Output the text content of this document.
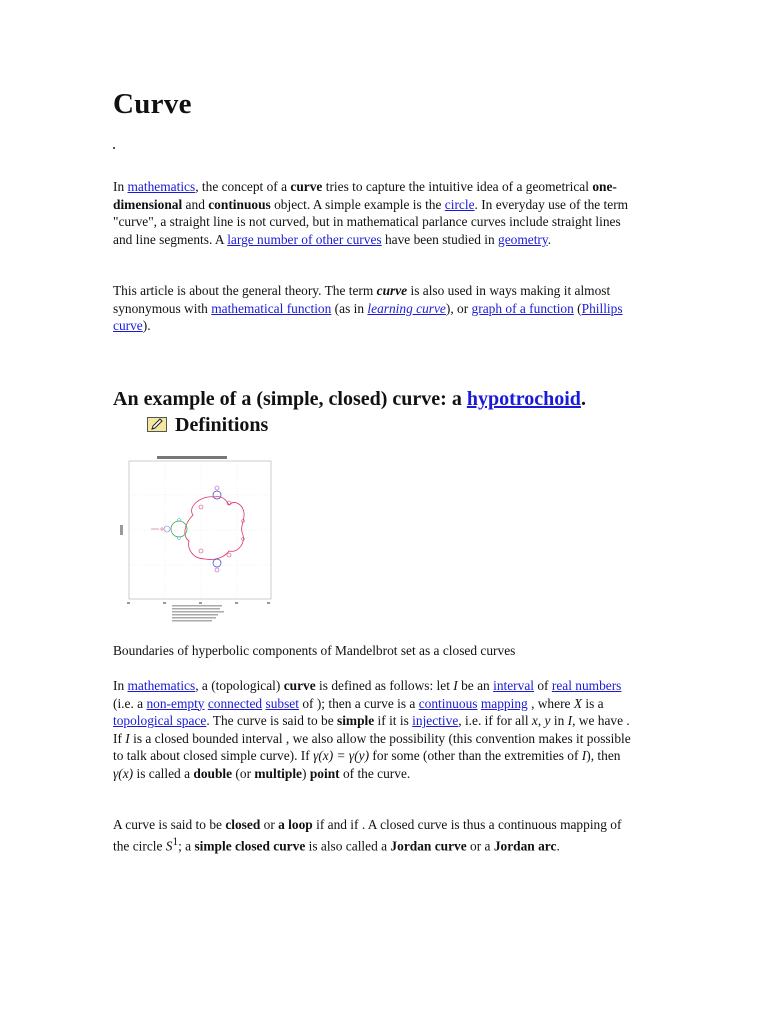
Curve

In mathematics, the concept of a curve tries to capture the intuitive idea of a geometrical one-dimensional and continuous object. A simple example is the circle. In everyday use of the term "curve", a straight line is not curved, but in mathematical parlance curves include straight lines and line segments. A large number of other curves have been studied in geometry.

This article is about the general theory. The term curve is also used in ways making it almost synonymous with mathematical function (as in learning curve), or graph of a function (Phillips curve).

An example of a (simple, closed) curve: a hypotrochoid.
Definitions

Boundaries of hyperbolic components of Mandelbrot set as a closed curves

In mathematics, a (topological) curve is defined as follows: let I be an interval of real numbers (i.e. a non-empty connected subset of ); then a curve is a continuous mapping , where X is a topological space. The curve is said to be simple if it is injective, i.e. if for all x, y in I, we have . If I is a closed bounded interval , we also allow the possibility (this convention makes it possible to talk about closed simple curve). If γ(x) = γ(y) for some (other than the extremities of I), then γ(x) is called a double (or multiple) point of the curve.

A curve is said to be closed or a loop if and if . A closed curve is thus a continuous mapping of the circle $S^1$; a simple closed curve is also called a Jordan curve or a Jordan arc.
